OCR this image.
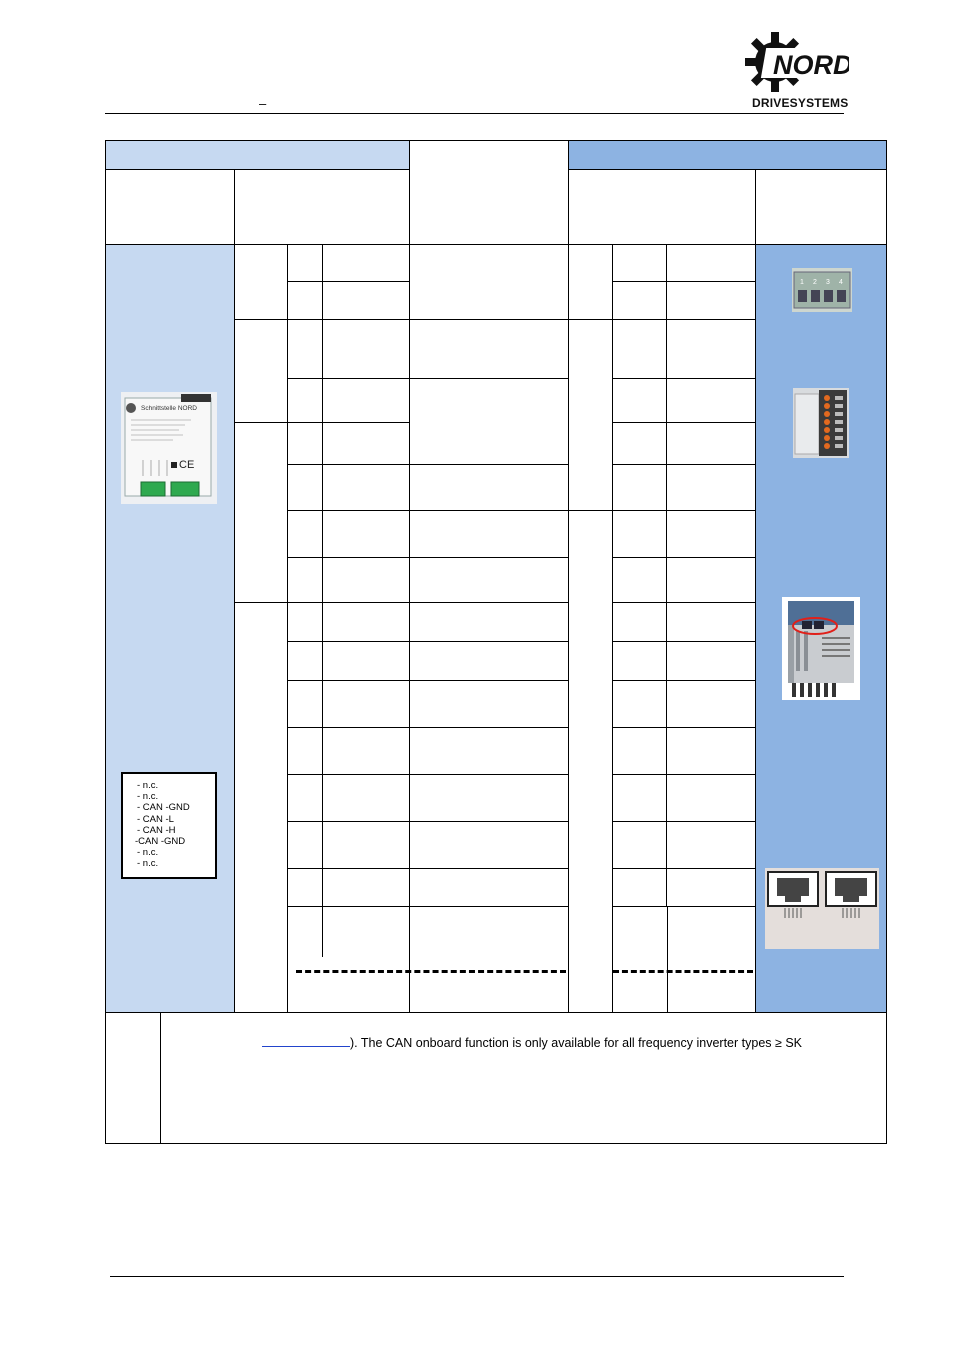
NORD
DRIVESYSTEMS
–

Schnittstelle NORD
CE
- n.c.
- n.c.
- CAN -GND
- CAN -L
- CAN -H
-CAN -GND
- n.c.
- n.c.
1 2 3 4
). The CAN onboard function is only available for all frequency inverter types ≥ SK
